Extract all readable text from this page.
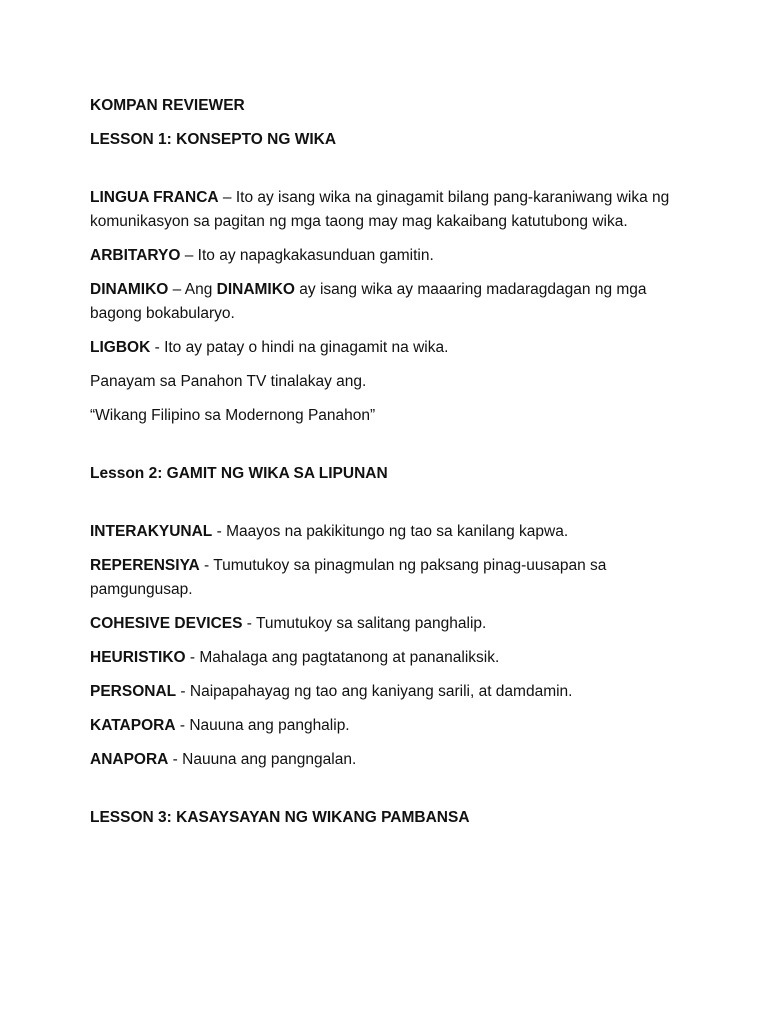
KOMPAN REVIEWER
LESSON 1: KONSEPTO NG WIKA
LINGUA FRANCA – Ito ay isang wika na ginagamit bilang pang-karaniwang wika ng komunikasyon sa pagitan ng mga taong may mag kakaibang katutubong wika.
ARBITARYO – Ito ay napagkakasunduan gamitin.
DINAMIKO – Ang DINAMIKO ay isang wika ay maaaring madaragdagan ng mga bagong bokabularyo.
LIGBOK - Ito ay patay o hindi na ginagamit na wika.
Panayam sa Panahon TV tinalakay ang.
“Wikang Filipino sa Modernong Panahon”
Lesson 2: GAMIT NG WIKA SA LIPUNAN
INTERAKYUNAL - Maayos na pakikitungo ng tao sa kanilang kapwa.
REPERENSIYA - Tumutukoy sa pinagmulan ng paksang pinag-uusapan sa pamgungusap.
COHESIVE DEVICES - Tumutukoy sa salitang panghalip.
HEURISTIKO - Mahalaga ang pagtatanong at pananaliksik.
PERSONAL - Naipapahayag ng tao ang kaniyang sarili, at damdamin.
KATAPORA - Nauuna ang panghalip.
ANAPORA - Nauuna ang pangngalan.
LESSON 3: KASAYSAYAN NG WIKANG PAMBANSA
